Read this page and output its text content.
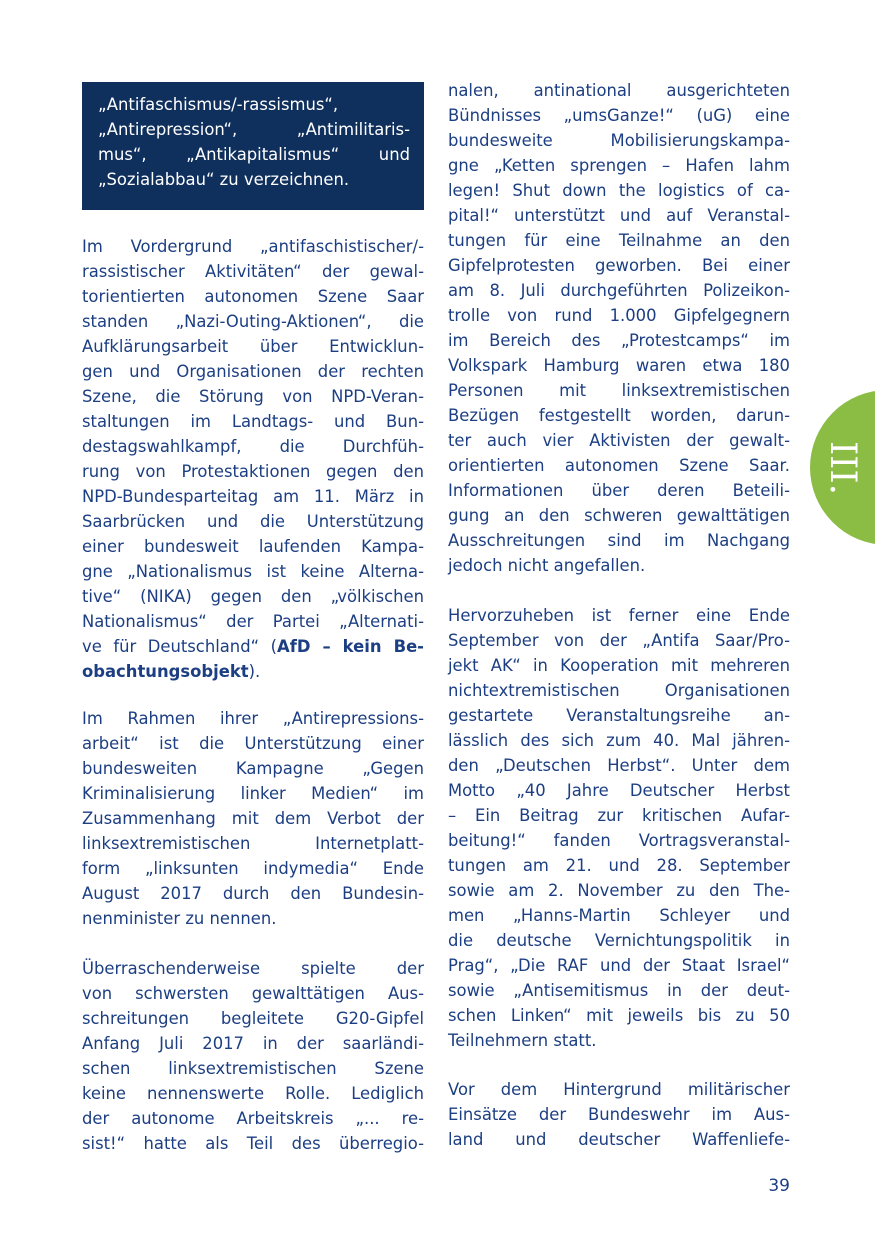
„Antifaschismus/-rassismus“,
„Antirepression“, „Antimilitaris-
mus“, „Antikapitalismus“ und
„Sozialabbau“ zu verzeichnen.
Im Vordergrund „antifaschistischer/-
rassistischer Aktivitäten“ der gewal-
torientierten autonomen Szene Saar
standen „Nazi-Outing-Aktionen“, die
Aufklärungsarbeit über Entwicklun-
gen und Organisationen der rechten
Szene, die Störung von NPD-Veran-
staltungen im Landtags- und Bun-
destagswahlkampf, die Durchfüh-
rung von Protestaktionen gegen den
NPD-Bundesparteitag am 11. März in
Saarbrücken und die Unterstützung
einer bundesweit laufenden Kampa-
gne „Nationalismus ist keine Alterna-
tive“ (NIKA) gegen den „völkischen
Nationalismus“ der Partei „Alternati-
ve für Deutschland“ (AfD – kein Be-
obachtungsobjekt).
Im Rahmen ihrer „Antirepressions-
arbeit“ ist die Unterstützung einer
bundesweiten Kampagne „Gegen
Kriminalisierung linker Medien“ im
Zusammenhang mit dem Verbot der
linksextremistischen Internetplatt-
form „linksunten indymedia“ Ende
August 2017 durch den Bundesin-
nenminister zu nennen.
Überraschenderweise spielte der
von schwersten gewalttätigen Aus-
schreitungen begleitete G20-Gipfel
Anfang Juli 2017 in der saarländi-
schen linksextremistischen Szene
keine nennenswerte Rolle. Lediglich
der autonome Arbeitskreis „... re-
sist!“ hatte als Teil des überregio-
nalen, antinational ausgerichteten
Bündnisses „umsGanze!“ (uG) eine
bundesweite Mobilisierungskampa-
gne „Ketten sprengen – Hafen lahm
legen! Shut down the logistics of ca-
pital!“ unterstützt und auf Veranstal-
tungen für eine Teilnahme an den
Gipfelprotesten geworben. Bei einer
am 8. Juli durchgeführten Polizeikon-
trolle von rund 1.000 Gipfelgegnern
im Bereich des „Protestcamps“ im
Volkspark Hamburg waren etwa 180
Personen mit linksextremistischen
Bezügen festgestellt worden, darun-
ter auch vier Aktivisten der gewalt-
orientierten autonomen Szene Saar.
Informationen über deren Beteili-
gung an den schweren gewalttätigen
Ausschreitungen sind im Nachgang
jedoch nicht angefallen.
Hervorzuheben ist ferner eine Ende
September von der „Antifa Saar/Pro-
jekt AK“ in Kooperation mit mehreren
nichtextremistischen Organisationen
gestartete Veranstaltungsreihe an-
lässlich des sich zum 40. Mal jähren-
den „Deutschen Herbst“. Unter dem
Motto „40 Jahre Deutscher Herbst
– Ein Beitrag zur kritischen Aufar-
beitung!“ fanden Vortragsveranstal-
tungen am 21. und 28. September
sowie am 2. November zu den The-
men „Hanns-Martin Schleyer und
die deutsche Vernichtungspolitik in
Prag“, „Die RAF und der Staat Israel“
sowie „Antisemitismus in der deut-
schen Linken“ mit jeweils bis zu 50
Teilnehmern statt.
Vor dem Hintergrund militärischer
Einsätze der Bundeswehr im Aus-
land und deutscher Waffenliefe-
III.
39
